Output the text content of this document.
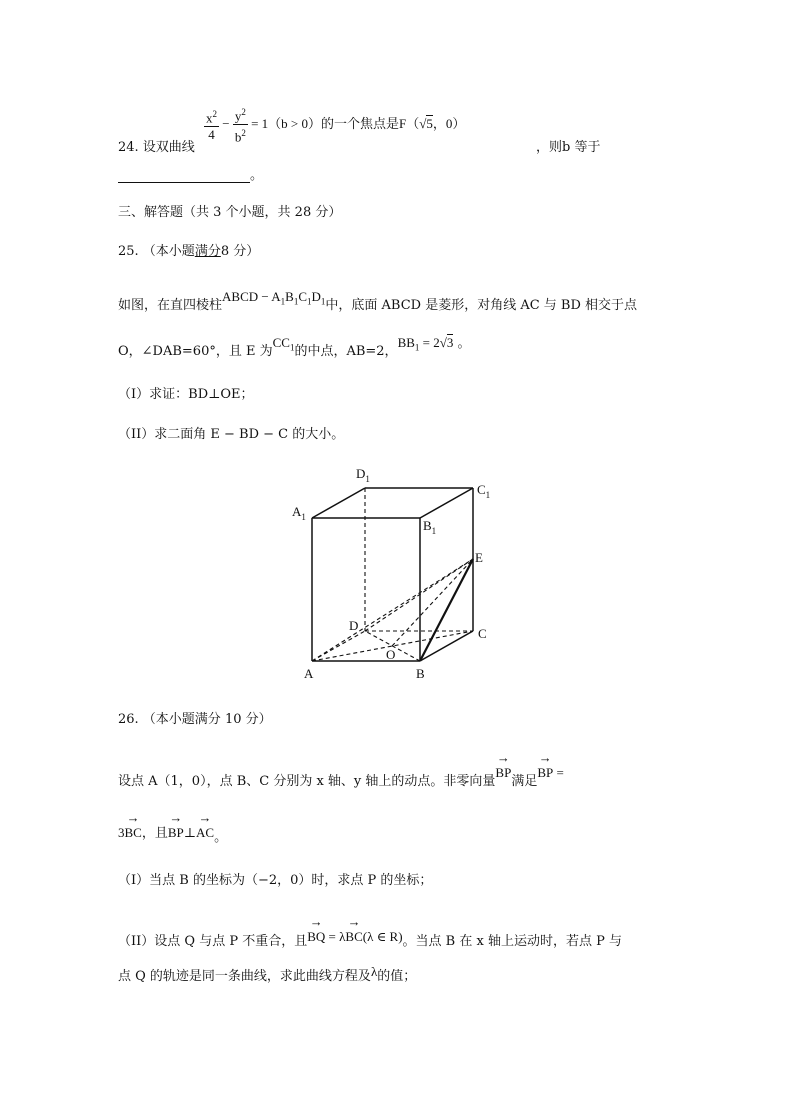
24. 设双曲线
$\frac{x^2}{4} - \frac{y^2}{b^2} = 1(b > 0)$的一个焦点是F（√5，0）
，则b 等于
。
三、解答题（共 3 个小题，共 28 分）
25. （本小题满分8 分）
如图，在直四棱柱ABCD − $A_1B_1C_1D_1$中，底面 ABCD 是菱形，对角线 AC 与 BD 相交于点
O，∠DAB=60°，且 E 为$CC_1$的中点，AB=2，$BB_1 = 2√3$ 。
（I）求证：BD⊥OE；
（II）求二面角 E − BD − C 的大小。
$D_1$
$C_1$
$A_1$
$B_1$
E
D
C
O
A	B
26. （本小题满分 10 分）
设点 A（1，0），点 B、C 分别为 x 轴、y 轴上的动点。非零向量
→
BP满足
→
BP =
3
→
BC，且
→
BP⊥
→
AC。
（I）当点 B 的坐标为（−2，0）时，求点 P 的坐标；
（II）设点 Q 与点 P 不重合，且
→
BQ = λ
→
BC(λ ∈ R)。当点 B 在 x 轴上运动时，若点 P 与
点 Q 的轨迹是同一条曲线，求此曲线方程及λ的值；
